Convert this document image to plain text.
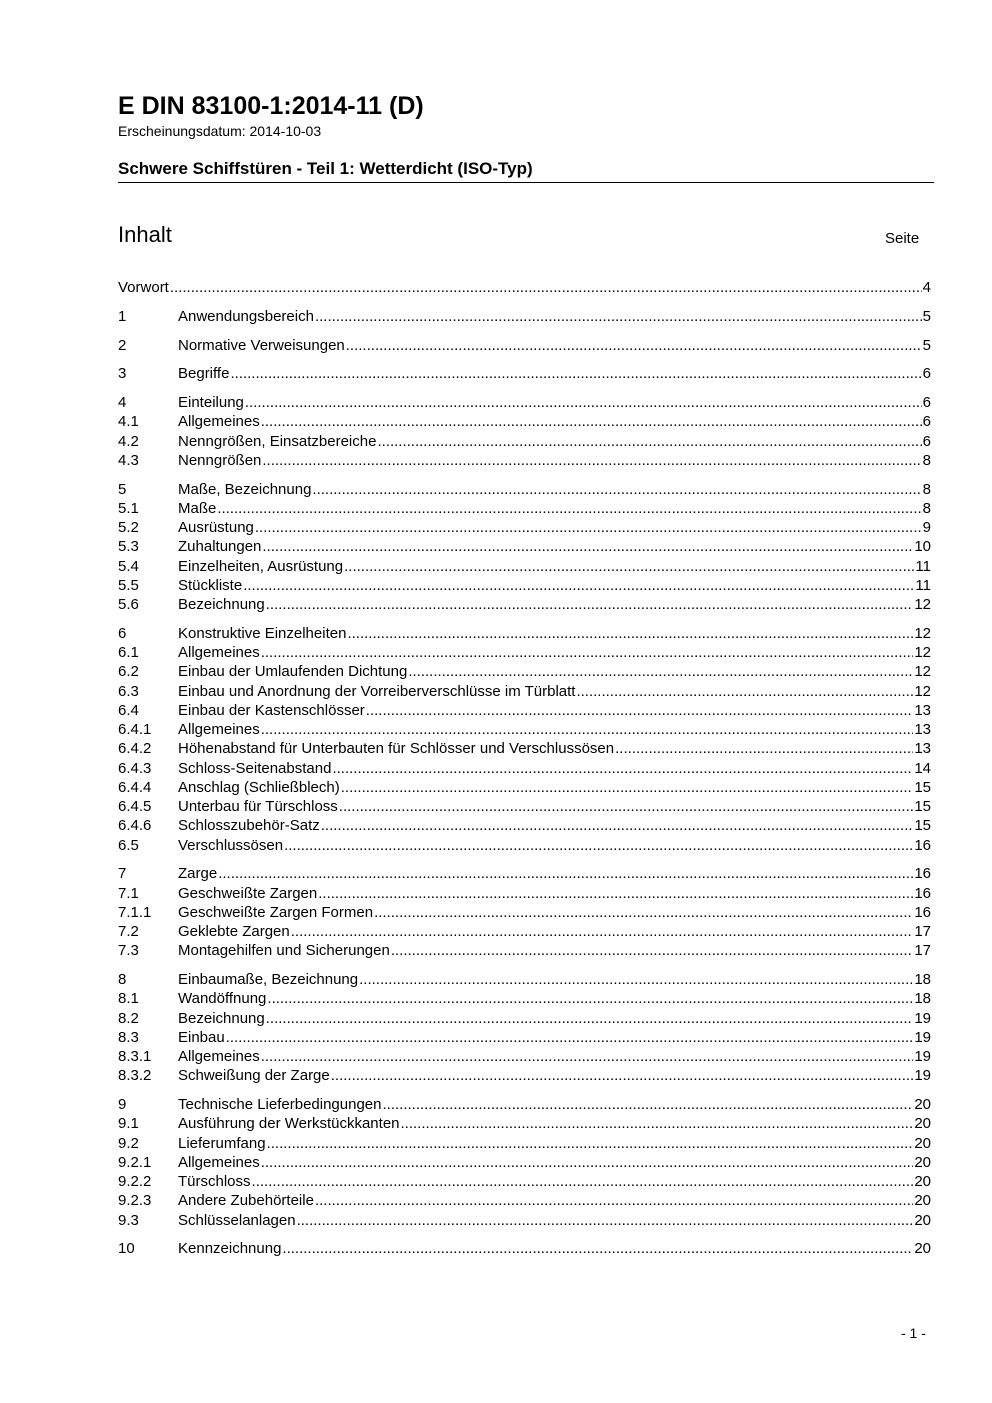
E DIN 83100-1:2014-11 (D)
Erscheinungsdatum: 2014-10-03
Schwere Schiffstüren - Teil 1: Wetterdicht (ISO-Typ)
Inhalt	Seite
Vorwort .....	4
1	Anwendungsbereich .....	5
2	Normative Verweisungen .....	5
3	Begriffe .....	6
4	Einteilung .....	6
4.1	Allgemeines .....	6
4.2	Nenngrößen, Einsatzbereiche .....	6
4.3	Nenngrößen .....	8
5	Maße, Bezeichnung .....	8
5.1	Maße .....	8
5.2	Ausrüstung .....	9
5.3	Zuhaltungen .....	10
5.4	Einzelheiten, Ausrüstung .....	11
5.5	Stückliste .....	11
5.6	Bezeichnung .....	12
6	Konstruktive Einzelheiten .....	12
6.1	Allgemeines .....	12
6.2	Einbau der Umlaufenden Dichtung .....	12
6.3	Einbau und Anordnung der Vorreiberverschlüsse im Türblatt .....	12
6.4	Einbau der Kastenschlösser .....	13
6.4.1	Allgemeines .....	13
6.4.2	Höhenabstand für Unterbauten für Schlösser und Verschlussösen .....	13
6.4.3	Schloss-Seitenabstand .....	14
6.4.4	Anschlag (Schließblech) .....	15
6.4.5	Unterbau für Türschloss .....	15
6.4.6	Schlosszubehör-Satz .....	15
6.5	Verschlussösen .....	16
7	Zarge .....	16
7.1	Geschweißte Zargen .....	16
7.1.1	Geschweißte Zargen Formen .....	16
7.2	Geklebte Zargen .....	17
7.3	Montagehilfen und Sicherungen .....	17
8	Einbaumaße, Bezeichnung .....	18
8.1	Wandöffnung .....	18
8.2	Bezeichnung .....	19
8.3	Einbau .....	19
8.3.1	Allgemeines .....	19
8.3.2	Schweißung der Zarge .....	19
9	Technische Lieferbedingungen .....	20
9.1	Ausführung der Werkstückkanten .....	20
9.2	Lieferumfang .....	20
9.2.1	Allgemeines .....	20
9.2.2	Türschloss .....	20
9.2.3	Andere Zubehörteile .....	20
9.3	Schlüsselanlagen .....	20
10	Kennzeichnung .....	20
- 1 -
